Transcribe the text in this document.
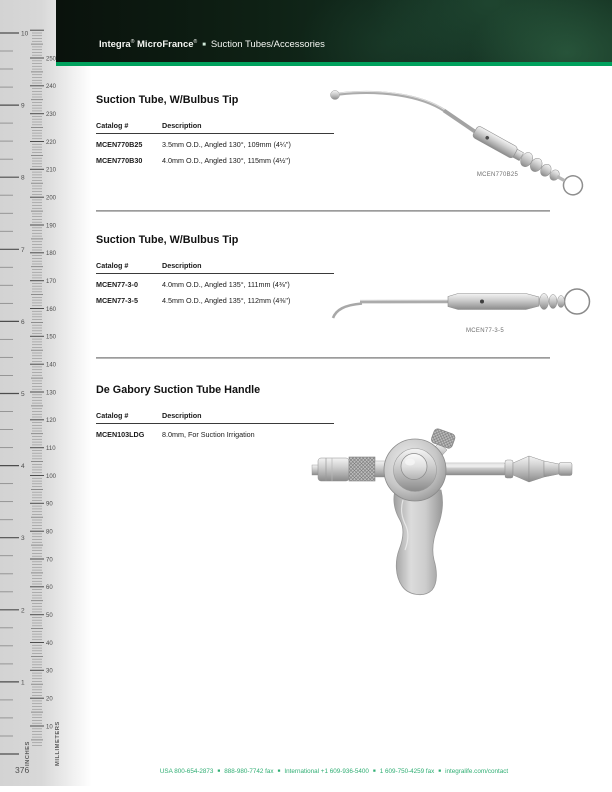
10
9
8
7
6
5
4
3
2
1
250
240
230
220
210
200
190
180
170
160
150
140
130
120
110
100
90
80
70
60
50
40
30
20
10
INCHES	MILLIMETERS
376
Integra® MicroFrance®■ Suction Tubes/Accessories
Suction Tube, W/Bulbus Tip
Catalog #	Description
MCEN770B25	3.5mm O.D., Angled 130°, 109mm (4¼")
MCEN770B30	4.0mm O.D., Angled 130°, 115mm (4½")
MCEN770B25
Suction Tube, W/Bulbus Tip
Catalog #	Description
MCEN77-3-0	4.0mm O.D., Angled 135°, 111mm (4⅜")
MCEN77-3-5	4.5mm O.D., Angled 135°, 112mm (4⅜")
MCEN77-3-5
De Gabory Suction Tube Handle
Catalog #	Description
MCEN103LDG	8.0mm, For Suction Irrigation
USA 800-654-2873 ■ 888-980-7742 fax ■ International +1 609-936-5400 ■ 1 609-750-4259 fax ■ integralife.com/contact
